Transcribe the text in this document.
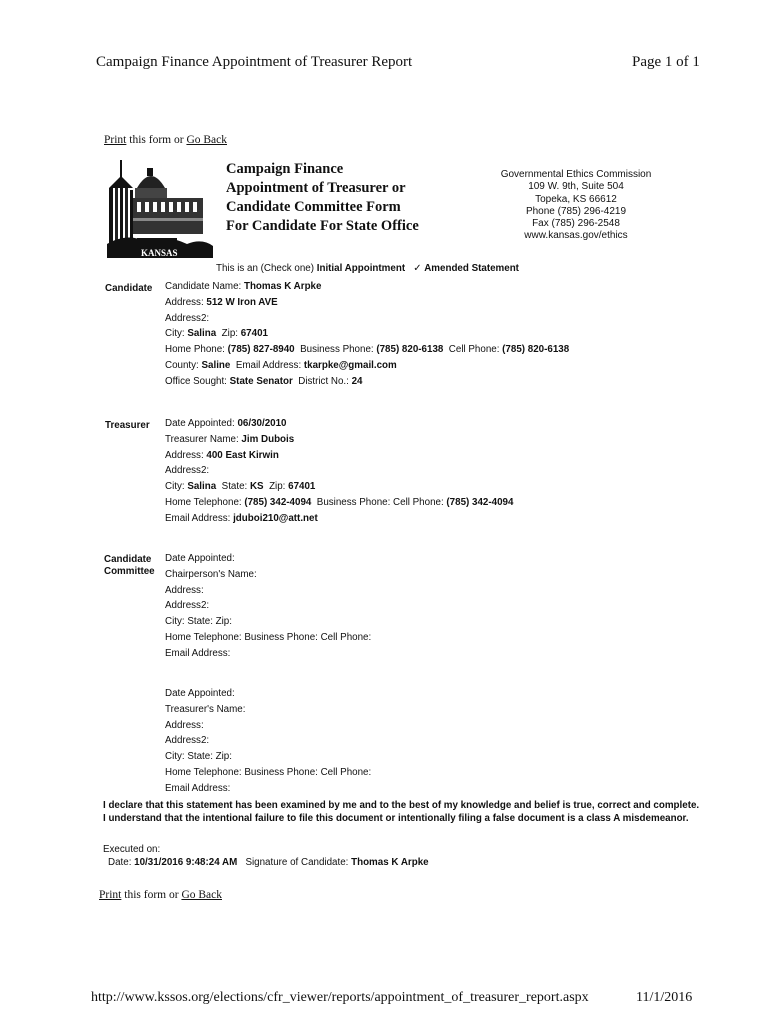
Campaign Finance Appointment of Treasurer Report	Page 1 of 1
Print this form or Go Back
KANSAS
Campaign Finance
Appointment of Treasurer or
Candidate Committee Form
For Candidate For State Office
Governmental Ethics Commission
109 W. 9th, Suite 504
Topeka, KS 66612
Phone (785) 296-4219
Fax (785) 296-2548
www.kansas.gov/ethics
This is an (Check one) Initial Appointment ✓ Amended Statement
Candidate Candidate Name: Thomas K Arpke
Address: 512 W Iron AVE
Address2:
City: Salina Zip: 67401
Home Phone: (785) 827-8940 Business Phone: (785) 820-6138 Cell Phone: (785) 820-6138
County: Saline Email Address: tkarpke@gmail.com
Office Sought: State Senator District No.: 24
Treasurer Date Appointed: 06/30/2010
Treasurer Name: Jim Dubois
Address: 400 East Kirwin
Address2:
City: Salina State: KS Zip: 67401
Home Telephone: (785) 342-4094 Business Phone: Cell Phone: (785) 342-4094
Email Address: jduboi210@att.net
Candidate
Committee
Date Appointed:
Chairperson's Name:
Address:
Address2:
City: State: Zip:
Home Telephone: Business Phone: Cell Phone:
Email Address:
Date Appointed:
Treasurer's Name:
Address:
Address2:
City: State: Zip:
Home Telephone: Business Phone: Cell Phone:
Email Address:
I declare that this statement has been examined by me and to the best of my knowledge and belief is true, correct and complete. I understand that the intentional failure to file this document or intentionally filing a false document is a class A misdemeanor.
Executed on:
Date: 10/31/2016 9:48:24 AM Signature of Candidate: Thomas K Arpke
Print this form or Go Back
http://www.kssos.org/elections/cfr_viewer/reports/appointment_of_treasurer_report.aspx	11/1/2016
